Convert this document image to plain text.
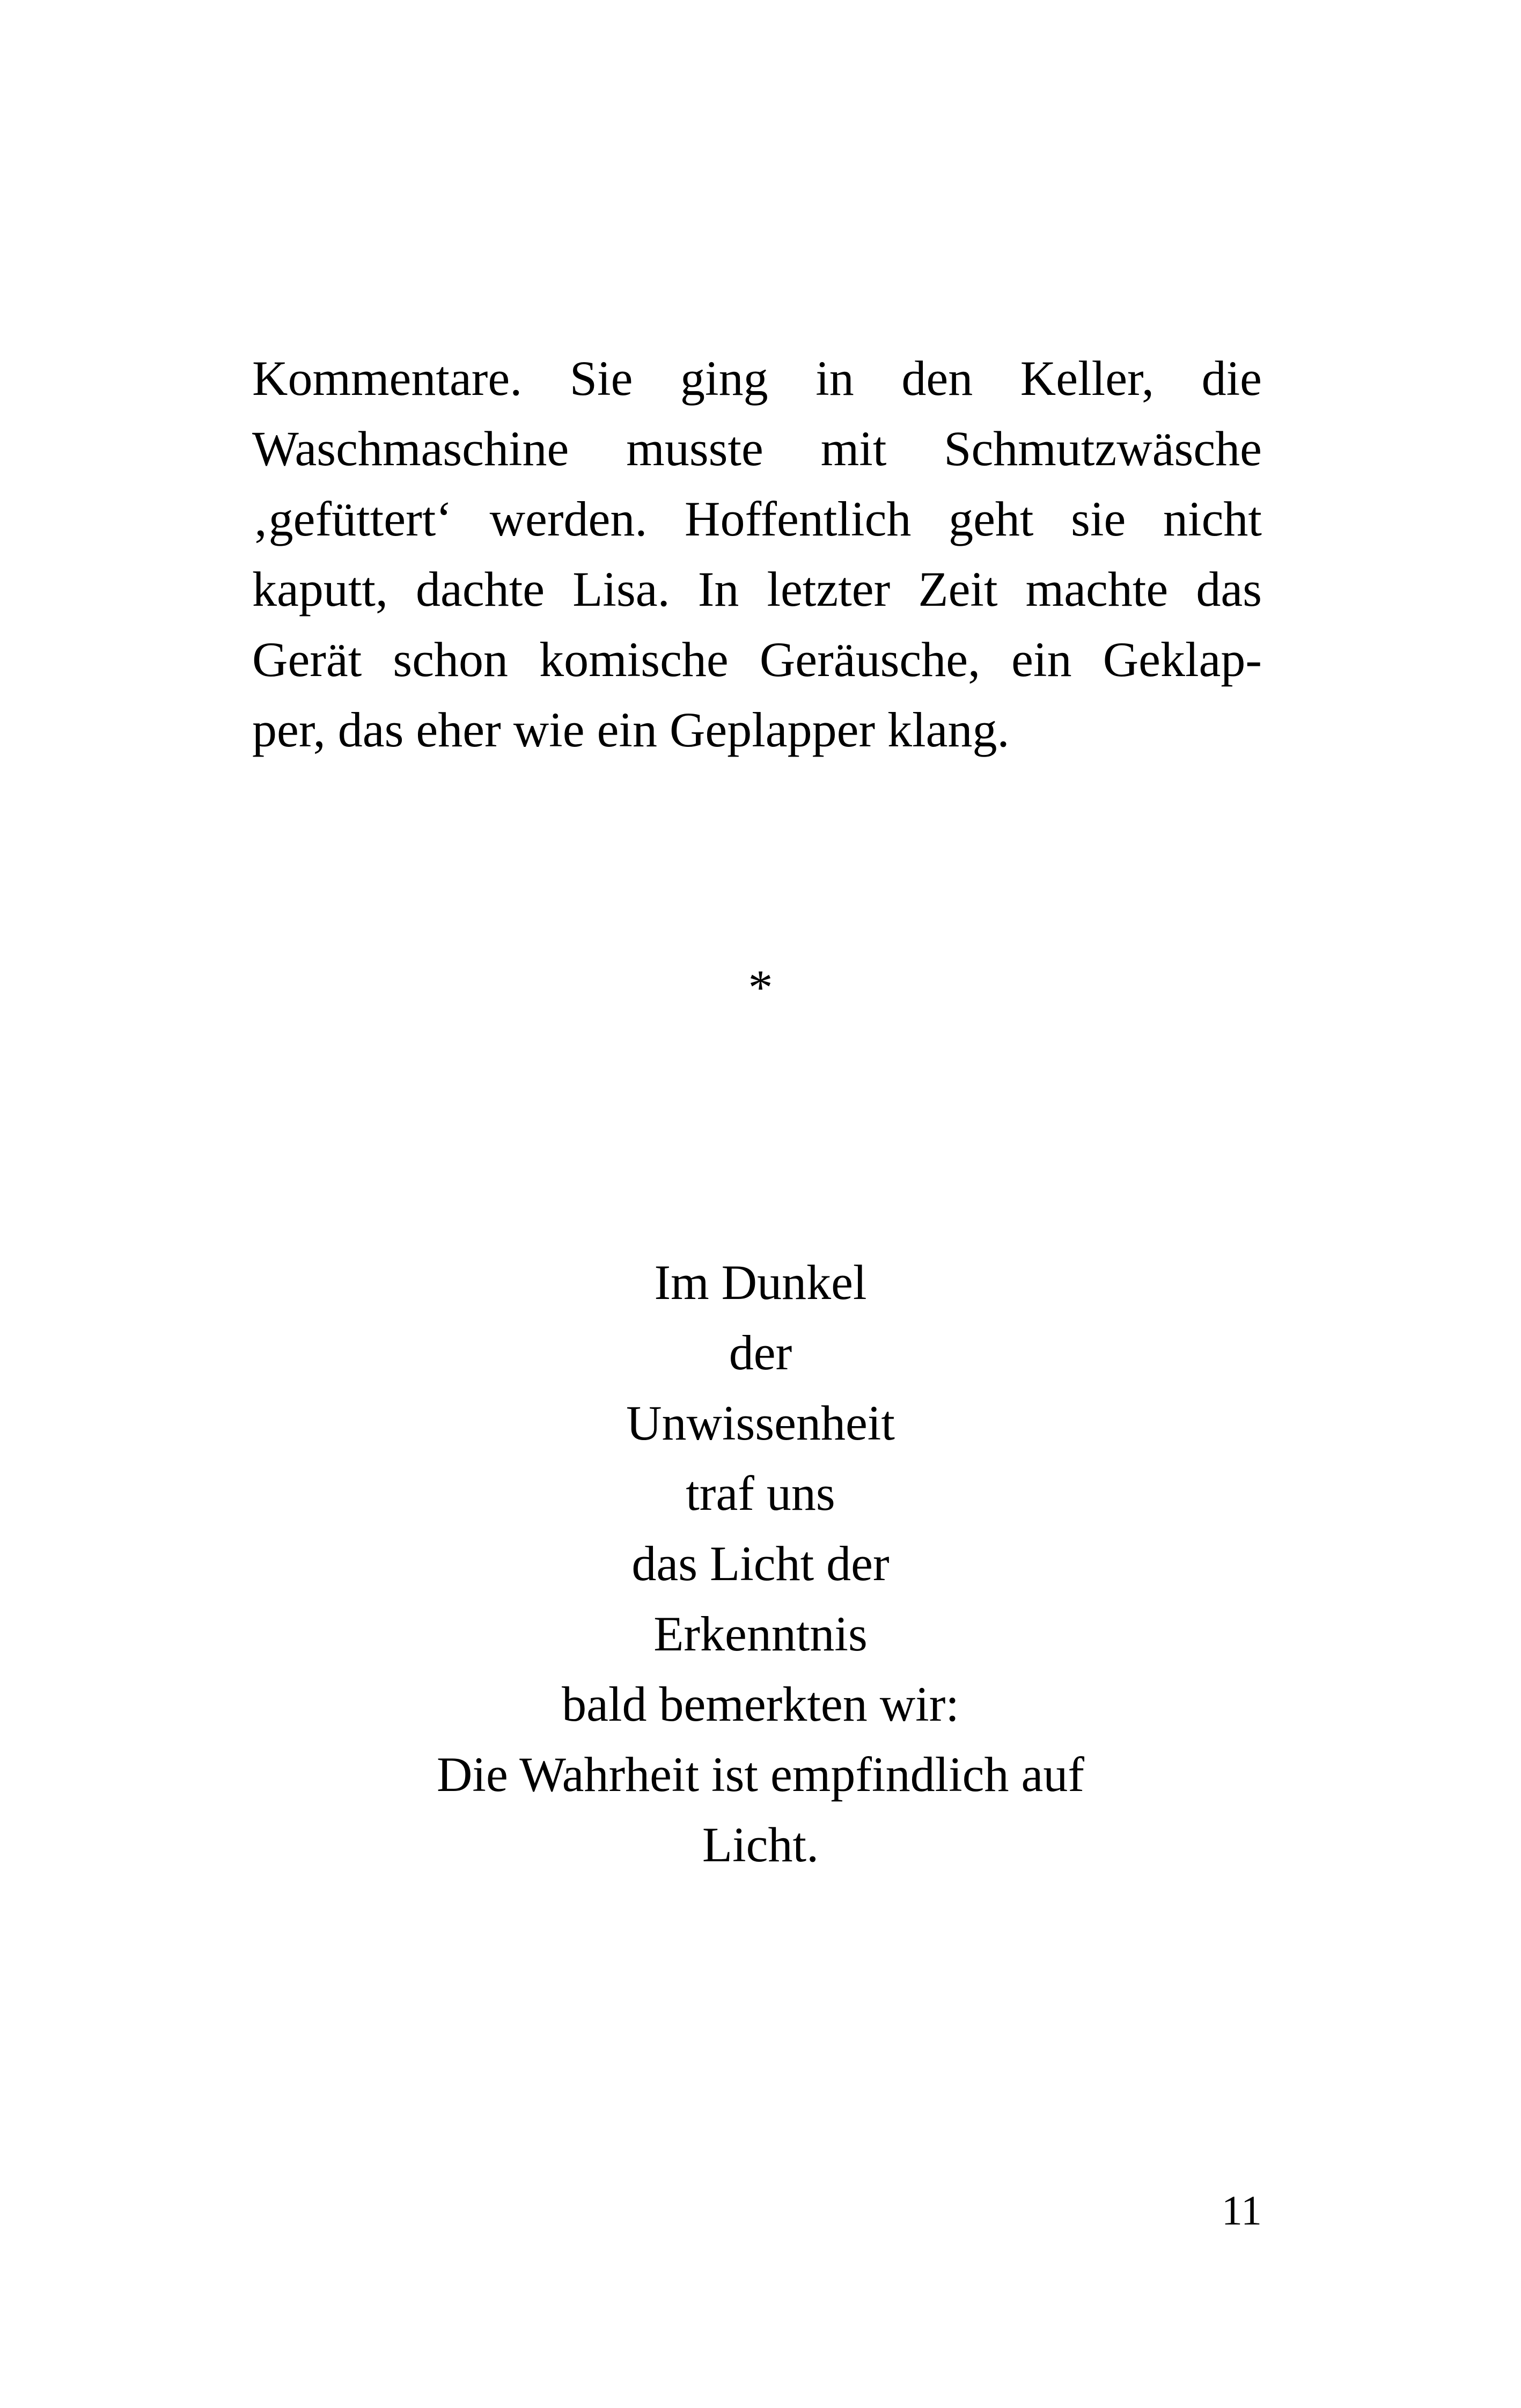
Kommentare. Sie ging in den Keller, die
Waschmaschine musste mit Schmutzwäsche
‚gefüttert‘ werden. Hoffentlich geht sie nicht
kaputt, dachte Lisa. In letzter Zeit machte das
Gerät schon komische Geräusche, ein Geklap-
per, das eher wie ein Geplapper klang.
*
Im Dunkel
der
Unwissenheit
traf uns
das Licht der
Erkenntnis
bald bemerkten wir:
Die Wahrheit ist empfindlich auf
Licht.
11
